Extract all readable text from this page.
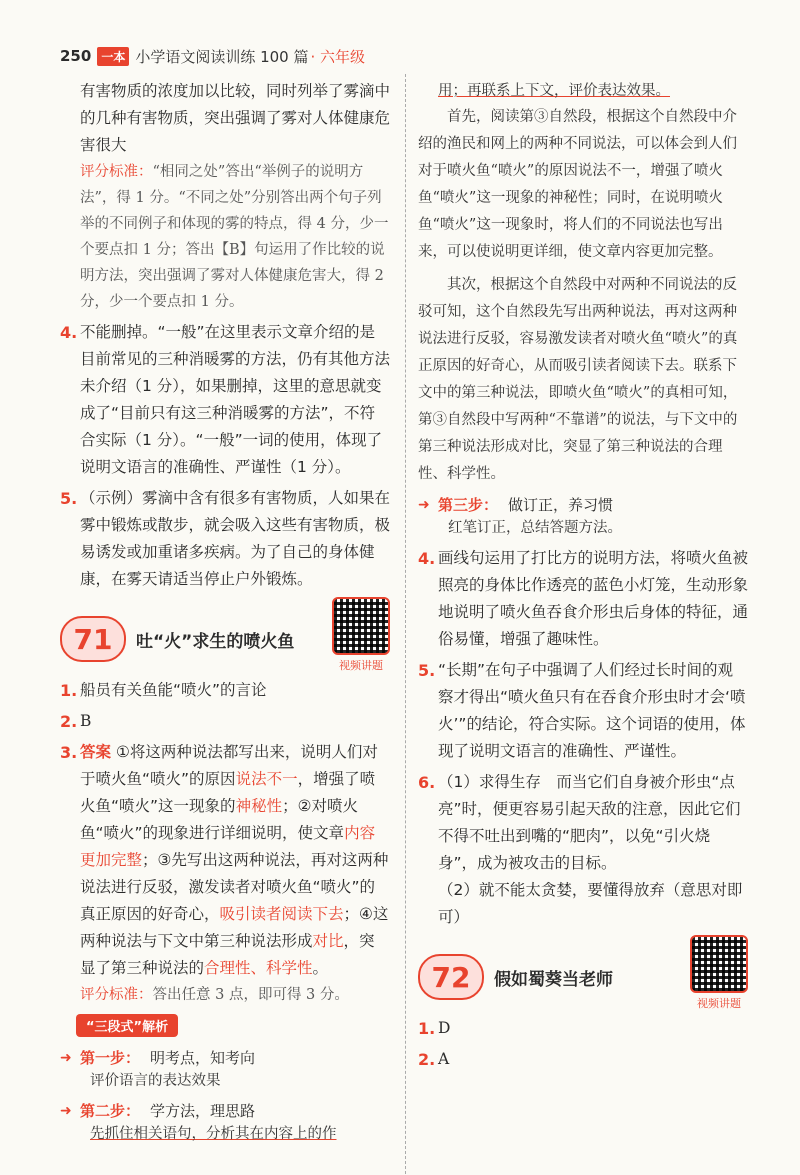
250 一本 小学语文阅读训练 100 篇 · 六年级

有害物质的浓度加以比较，同时列举了雾滴中的几种有害物质，突出强调了雾对人体健康危害很大

评分标准：“相同之处”答出“举例子的说明方法”，得 1 分。“不同之处”分别答出两个句子列举的不同例子和体现的雾的特点，得 4 分，少一个要点扣 1 分；答出【B】句运用了作比较的说明方法，突出强调了雾对人体健康危害大，得 2 分，少一个要点扣 1 分。

4. 不能删掉。“一般”在这里表示文章介绍的是目前常见的三种消暖雾的方法，仍有其他方法未介绍（1 分），如果删掉，这里的意思就变成了“目前只有这三种消暖雾的方法”，不符合实际（1 分）。“一般”一词的使用，体现了说明文语言的准确性、严谨性（1 分）。
5. （示例）雾滴中含有很多有害物质，人如果在雾中锻炼或散步，就会吸入这些有害物质，极易诱发或加重诸多疾病。为了自己的身体健康，在雾天请适当停止户外锻炼。
71	吐“火”求生的喷火鱼
视频讲题
1. 船员有关鱼能“喷火”的言论
2. B
3. 答案 ①将这两种说法都写出来，说明人们对于喷火鱼“喷火”的原因说法不一，增强了喷火鱼“喷火”这一现象的神秘性；②对喷火鱼“喷火”的现象进行详细说明，使文章内容更加完整；③先写出这两种说法，再对这两种说法进行反驳，激发读者对喷火鱼“喷火”的真正原因的好奇心，吸引读者阅读下去；④这两种说法与下文中第三种说法形成对比，突显了第三种说法的合理性、科学性。

评分标准：答出任意 3 点，即可得 3 分。

“三段式”解析
➜ 第一步： 明考点，知考向

评价语言的表达效果

➜ 第二步： 学方法，理思路

先抓住相关语句，分析其在内容上的作

用；再联系上下文，评价表达效果。

首先，阅读第③自然段，根据这个自然段中介绍的渔民和网上的两种不同说法，可以体会到人们对于喷火鱼“喷火”的原因说法不一，增强了喷火鱼“喷火”这一现象的神秘性；同时，在说明喷火鱼“喷火”这一现象时，将人们的不同说法也写出来，可以使说明更详细，使文章内容更加完整。

其次，根据这个自然段中对两种不同说法的反驳可知，这个自然段先写出两种说法，再对这两种说法进行反驳，容易激发读者对喷火鱼“喷火”的真正原因的好奇心，从而吸引读者阅读下去。联系下文中的第三种说法，即喷火鱼“喷火”的真相可知，第③自然段中写两种“不靠谱”的说法，与下文中的第三种说法形成对比，突显了第三种说法的合理性、科学性。

➜ 第三步： 做订正，养习惯

红笔订正，总结答题方法。

4. 画线句运用了打比方的说明方法，将喷火鱼被照亮的身体比作透亮的蓝色小灯笼，生动形象地说明了喷火鱼吞食介形虫后身体的特征，通俗易懂，增强了趣味性。
5. “长期”在句子中强调了人们经过长时间的观察才得出“喷火鱼只有在吞食介形虫时才会‘喷火’”的结论，符合实际。这个词语的使用，体现了说明文语言的准确性、严谨性。
6. （1）求得生存　而当它们自身被介形虫“点亮”时，便更容易引起天敌的注意，因此它们不得不吐出到嘴的“肥肉”，以免“引火烧身”，成为被攻击的目标。

（2）就不能太贪婪，要懂得放弃（意思对即可）

72	假如蜀葵当老师
视频讲题
1. D
2. A
